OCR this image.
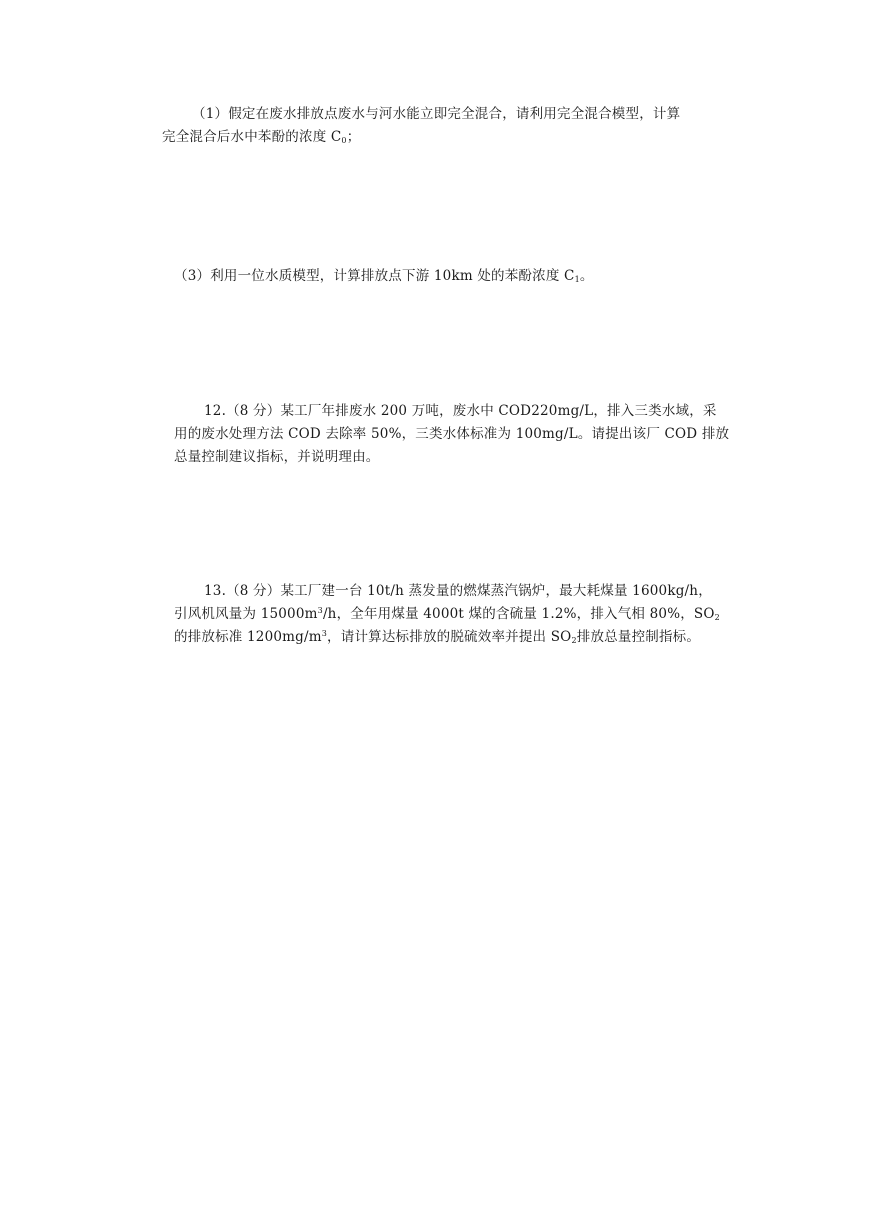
（1）假定在废水排放点废水与河水能立即完全混合，请利用完全混合模型，计算
完全混合后水中苯酚的浓度 $C_0$；
（3）利用一位水质模型，计算排放点下游 10km 处的苯酚浓度 $C_1$。
12.（8 分）某工厂年排废水 200 万吨，废水中 COD220mg/L，排入三类水域，采
用的废水处理方法 COD 去除率 50%，三类水体标准为 100mg/L。请提出该厂 COD 排放
总量控制建议指标，并说明理由。
13.（8 分）某工厂建一台 10t/h 蒸发量的燃煤蒸汽锅炉，最大耗煤量 1600kg/h，
引风机风量为 $15000m^3/h$，全年用煤量 4000t 煤的含硫量 1.2%，排入气相 80%，$SO_2$
的排放标准 $1200mg/m^3$，请计算达标排放的脱硫效率并提出 $SO_2$排放总量控制指标。
